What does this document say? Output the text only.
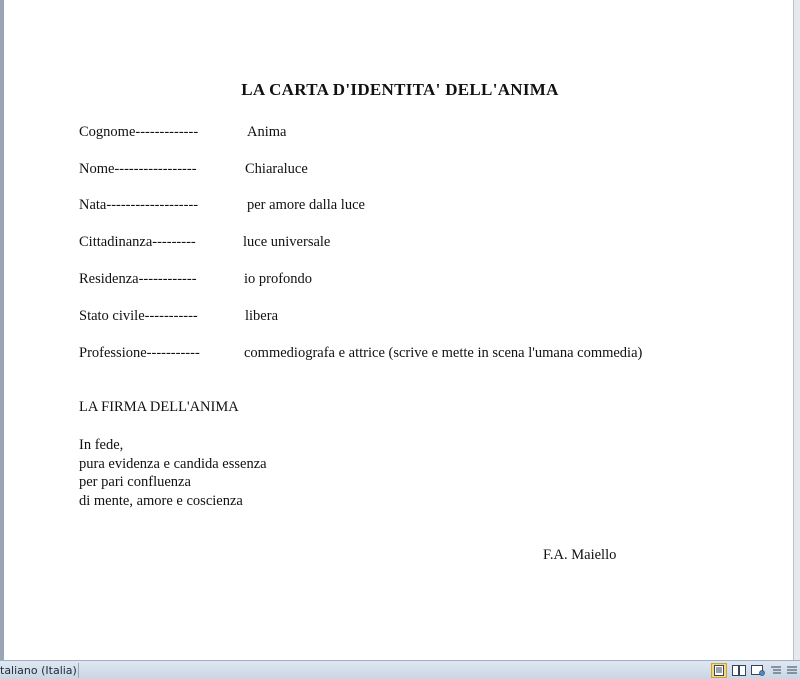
LA CARTA D'IDENTITA' DELL'ANIMA
Cognome-------------	Anima
Nome-----------------	Chiaraluce
Nata-------------------	per amore dalla luce
Cittadinanza---------	luce universale
Residenza------------	io profondo
Stato civile-----------	libera
Professione-----------	commediografa e attrice (scrive e mette in scena l'umana commedia)
LA FIRMA DELL'ANIMA
In fede,
pura evidenza e candida essenza
per pari confluenza
di mente, amore e coscienza
F.A. Maiello
taliano (Italia)
